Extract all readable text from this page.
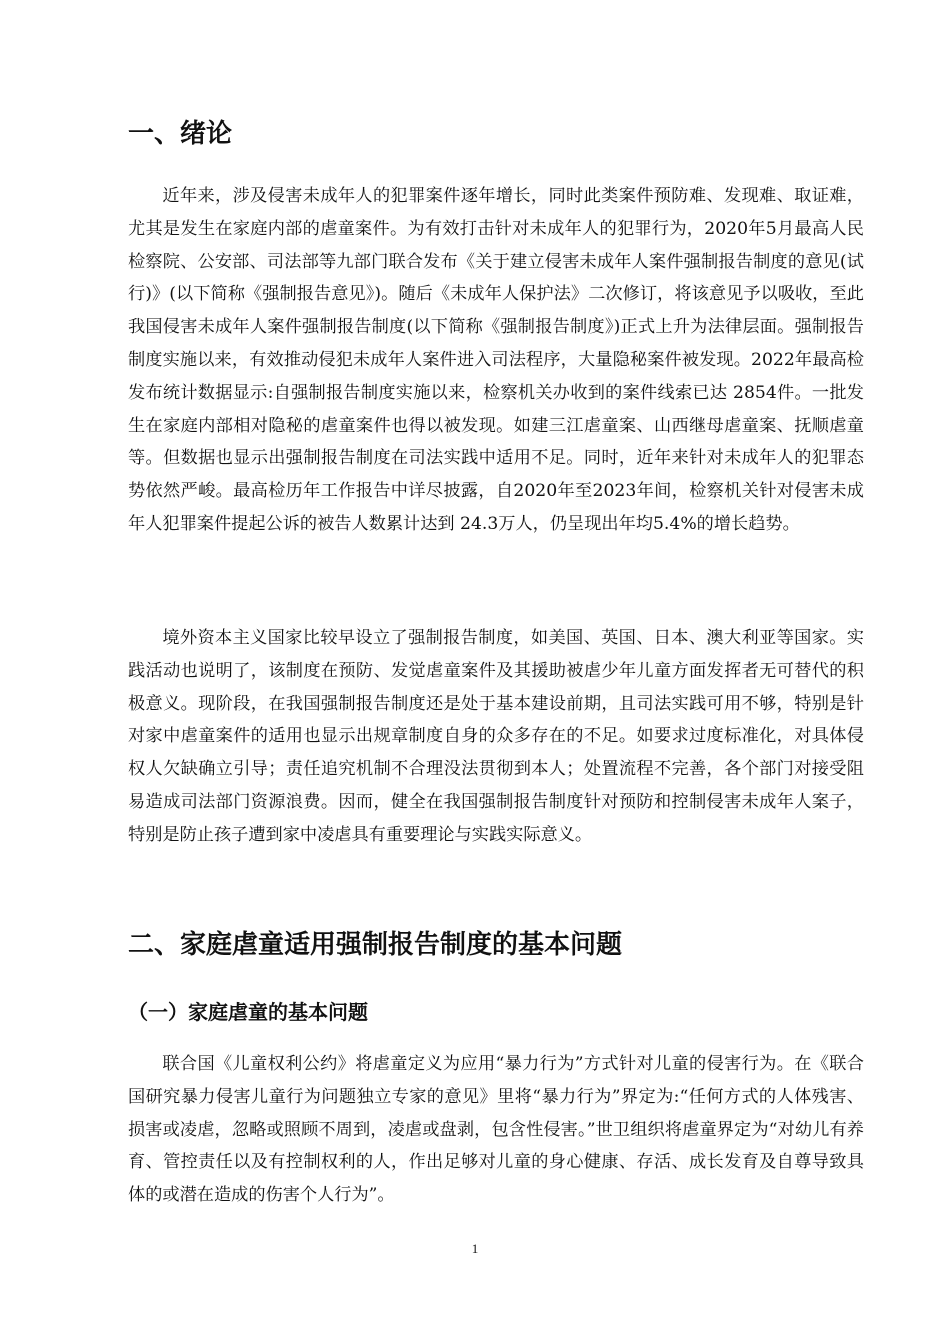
一、绪论

近年来，涉及侵害未成年人的犯罪案件逐年增长，同时此类案件预防难、发现难、取证难，尤其是发生在家庭内部的虐童案件。为有效打击针对未成年人的犯罪行为，2020年5月最高人民检察院、公安部、司法部等九部门联合发布《关于建立侵害未成年人案件强制报告制度的意见(试行)》(以下简称《强制报告意见》)。随后《未成年人保护法》二次修订，将该意见予以吸收，至此我国侵害未成年人案件强制报告制度(以下简称《强制报告制度》)正式上升为法律层面。强制报告制度实施以来，有效推动侵犯未成年人案件进入司法程序，大量隐秘案件被发现。2022年最高检发布统计数据显示:自强制报告制度实施以来，检察机关办收到的案件线索已达 2854件。一批发生在家庭内部相对隐秘的虐童案件也得以被发现。如建三江虐童案、山西继母虐童案、抚顺虐童等。但数据也显示出强制报告制度在司法实践中适用不足。同时，近年来针对未成年人的犯罪态势依然严峻。最高检历年工作报告中详尽披露，自2020年至2023年间，检察机关针对侵害未成年人犯罪案件提起公诉的被告人数累计达到 24.3万人，仍呈现出年均5.4%的增长趋势。

境外资本主义国家比较早设立了强制报告制度，如美国、英国、日本、澳大利亚等国家。实践活动也说明了，该制度在预防、发觉虐童案件及其援助被虐少年儿童方面发挥者无可替代的积极意义。现阶段，在我国强制报告制度还是处于基本建设前期，且司法实践可用不够，特别是针对家中虐童案件的适用也显示出规章制度自身的众多存在的不足。如要求过度标准化，对具体侵权人欠缺确立引导；责任追究机制不合理没法贯彻到本人；处置流程不完善，各个部门对接受阻易造成司法部门资源浪费。因而，健全在我国强制报告制度针对预防和控制侵害未成年人案子，特别是防止孩子遭到家中凌虐具有重要理论与实践实际意义。

二、家庭虐童适用强制报告制度的基本问题
（一）家庭虐童的基本问题

联合国《儿童权利公约》将虐童定义为应用“暴力行为”方式针对儿童的侵害行为。在《联合国研究暴力侵害儿童行为问题独立专家的意见》里将“暴力行为”界定为:“任何方式的人体残害、损害或凌虐，忽略或照顾不周到，凌虐或盘剥，包含性侵害。”世卫组织将虐童界定为“对幼儿有养育、管控责任以及有控制权利的人，作出足够对儿童的身心健康、存活、成长发育及自尊导致具体的或潜在造成的伤害个人行为”。

1
